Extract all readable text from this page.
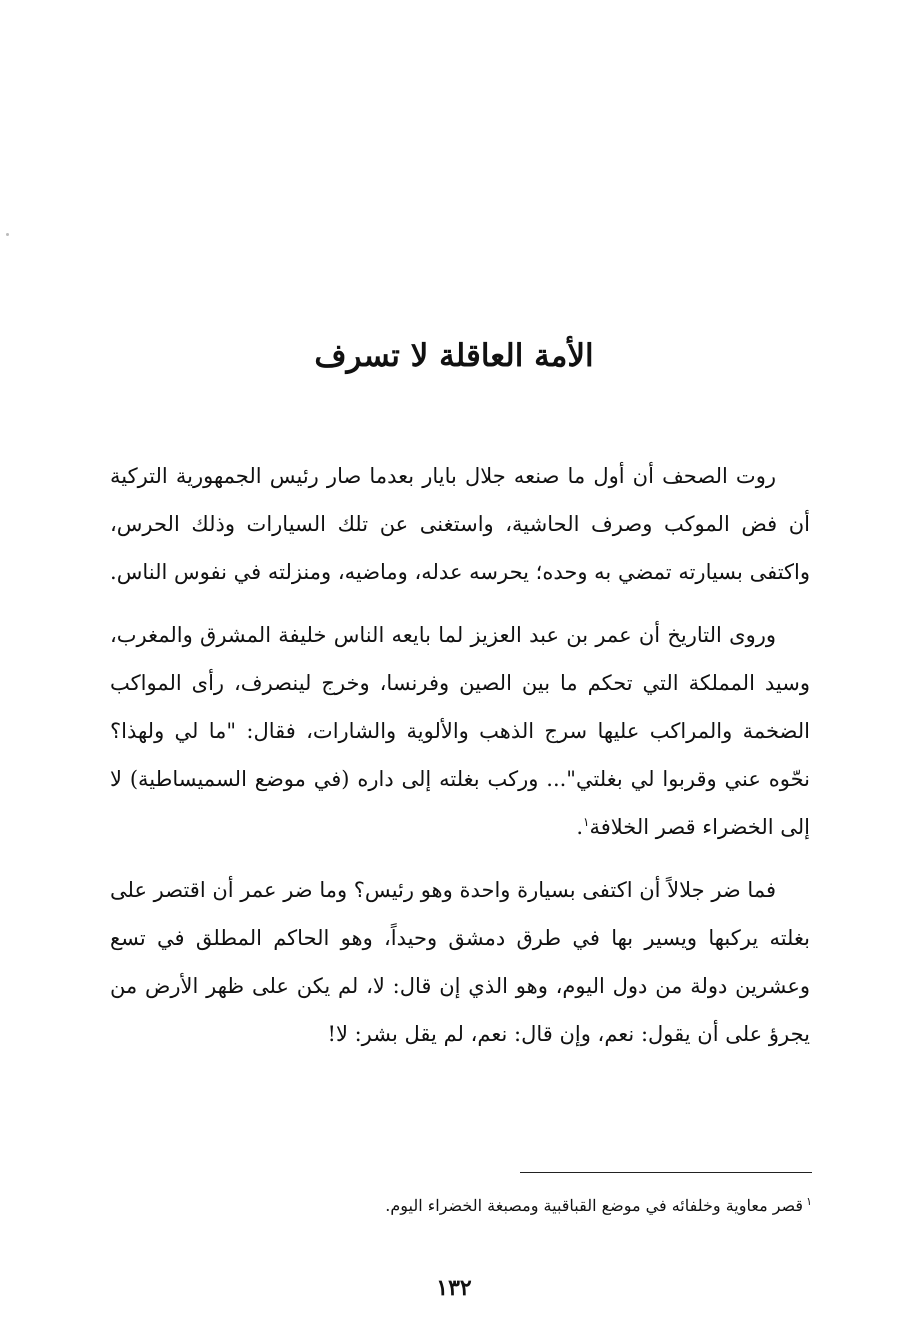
الأمة العاقلة لا تسرف

روت الصحف أن أول ما صنعه جلال بايار بعدما صار رئيس الجمهورية التركية أن فض الموكب وصرف الحاشية، واستغنى عن تلك السيارات وذلك الحرس، واكتفى بسيارته تمضي به وحده؛ يحرسه عدله، وماضيه، ومنزلته في نفوس الناس.

وروى التاريخ أن عمر بن عبد العزيز لما بايعه الناس خليفة المشرق والمغرب، وسيد المملكة التي تحكم ما بين الصين وفرنسا، وخرج لينصرف، رأى المواكب الضخمة والمراكب عليها سرج الذهب والألوية والشارات، فقال: "ما لي ولهذا؟ نحّوه عني وقربوا لي بغلتي"... وركب بغلته إلى داره (في موضع السميساطية) لا إلى الخضراء قصر الخلافة$^١$.

فما ضر جلالاً أن اكتفى بسيارة واحدة وهو رئيس؟ وما ضر عمر أن اقتصر على بغلته يركبها ويسير بها في طرق دمشق وحيداً، وهو الحاكم المطلق في تسع وعشرين دولة من دول اليوم، وهو الذي إن قال: لا، لم يكن على ظهر الأرض من يجرؤ على أن يقول: نعم، وإن قال: نعم، لم يقل بشر: لا!

$^١$قصر معاوية وخلفائه في موضع القباقبية ومصبغة الخضراء اليوم.
١٣٢
